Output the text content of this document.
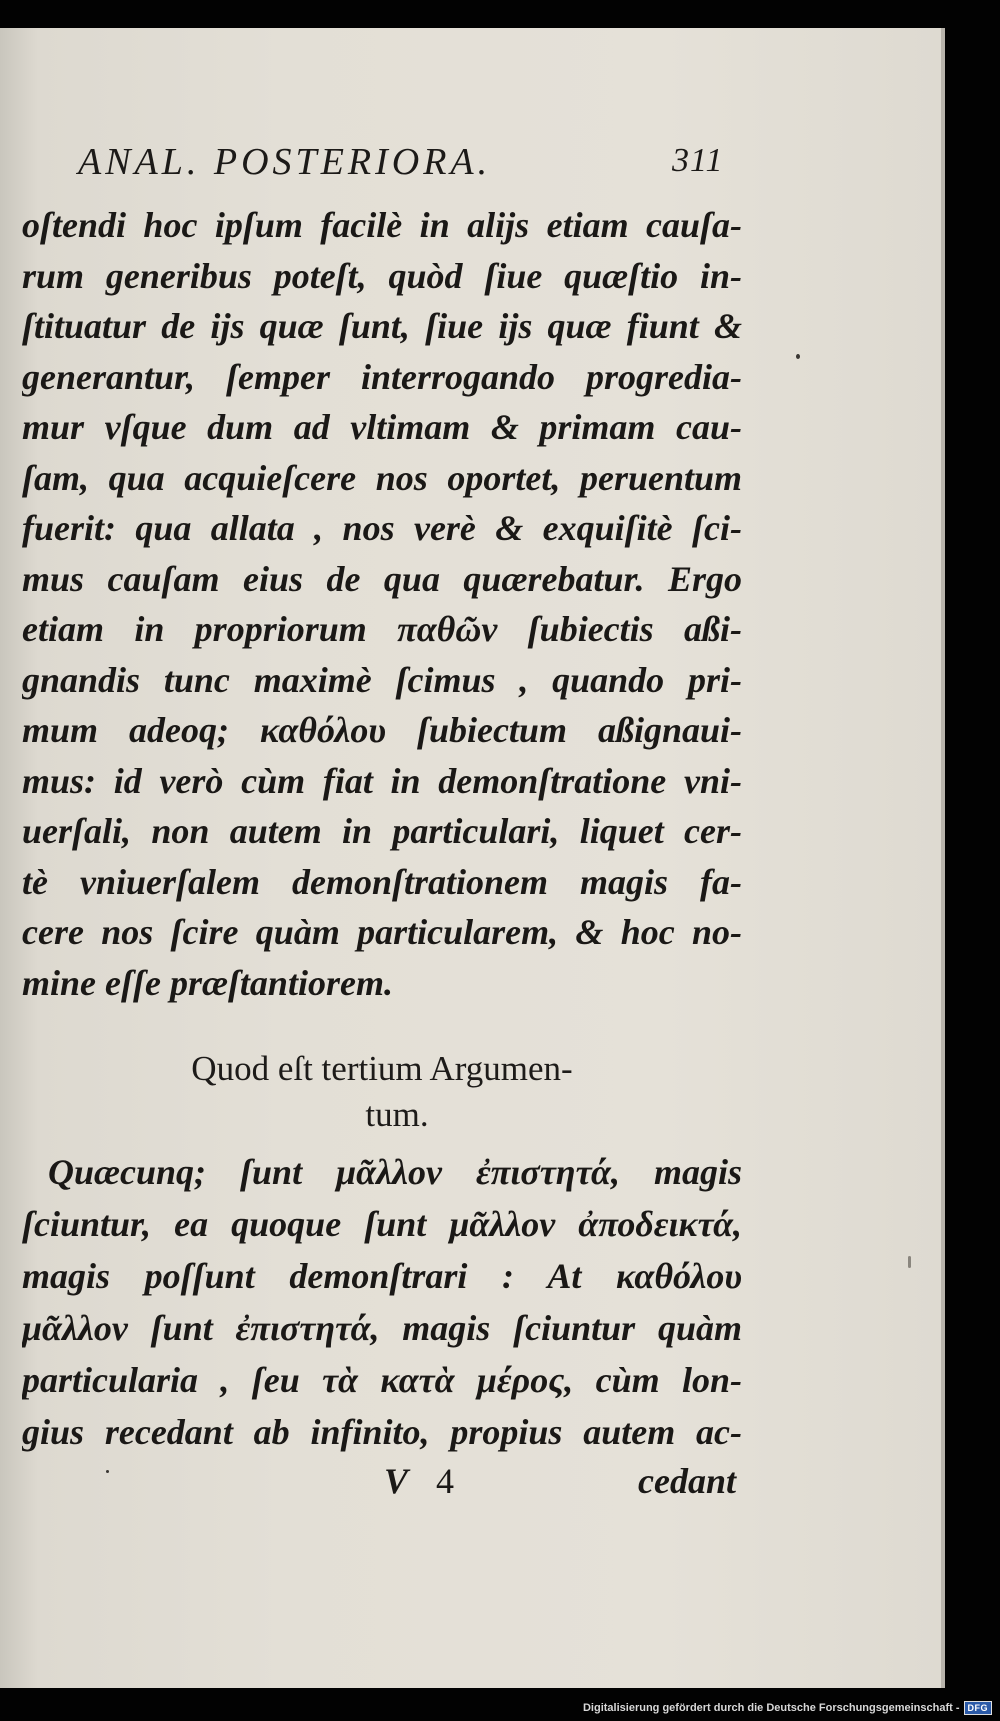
ANAL. POSTERIORA.	311
oſtendi hoc ipſum facilè in alijs etiam cauſa-
rum generibus poteſt, quòd ſiue quæſtio in-
ſtituatur de ijs quæ ſunt, ſiue ijs quæ fiunt &
generantur, ſemper interrogando progredia-
mur vſque dum ad vltimam & primam cau-
ſam, qua acquieſcere nos oportet, peruentum
fuerit: qua allata , nos verè & exquiſitè ſci-
mus cauſam eius de qua quærebatur. Ergo
etiam in propriorum παθῶν ſubiectis aßi-
gnandis tunc maximè ſcimus , quando pri-
mum adeoq; καθόλου ſubiectum aßignaui-
mus: id verò cùm fiat in demonſtratione vni-
uerſali, non autem in particulari, liquet cer-
tè vniuerſalem demonſtrationem magis fa-
cere nos ſcire quàm particularem, & hoc no-
mine eſſe præſtantiorem.
Quod eſt tertium Argumen-
tum.
Quæcunq; ſunt μᾶλλον ἐπιστητά, magis
ſciuntur, ea quoque ſunt μᾶλλον ἀποδεικτά,
magis poſſunt demonſtrari : At καθόλου
μᾶλλον ſunt ἐπιστητά, magis ſciuntur quàm
particularia , ſeu τὰ κατὰ μέρος, cùm lon-
gius recedant ab infinito, propius autem ac-
V 4	cedant
Digitalisierung gefördert durch die Deutsche Forschungsgemeinschaft - DFG
